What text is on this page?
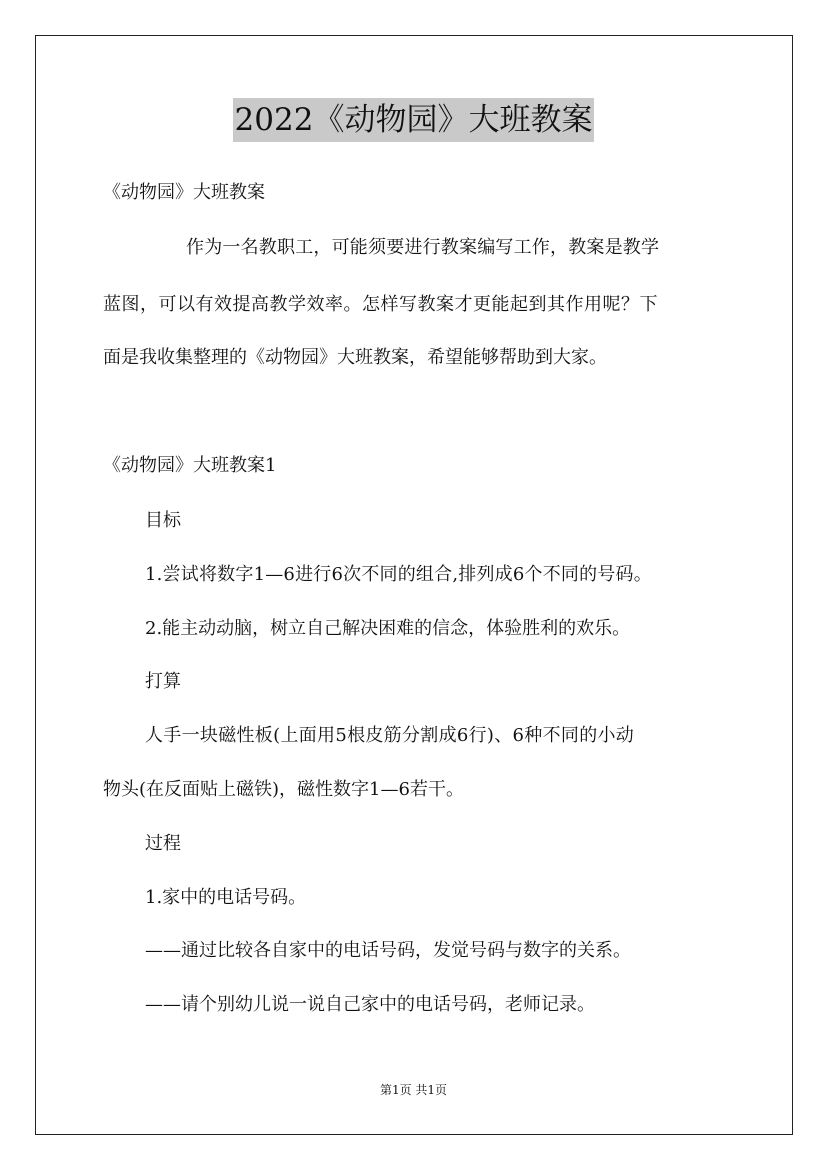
2022《动物园》大班教案
《动物园》大班教案
作为一名教职工，可能须要进行教案编写工作，教案是教学
蓝图，可以有效提高教学效率。怎样写教案才更能起到其作用呢？下
面是我收集整理的《动物园》大班教案，希望能够帮助到大家。
《动物园》大班教案1
目标
1.尝试将数字1—6进行6次不同的组合,排列成6个不同的号码。
2.能主动动脑，树立自己解决困难的信念，体验胜利的欢乐。
打算
人手一块磁性板(上面用5根皮筋分割成6行)、6种不同的小动
物头(在反面贴上磁铁)，磁性数字1—6若干。
过程
1.家中的电话号码。
——通过比较各自家中的电话号码，发觉号码与数字的关系。
——请个别幼儿说一说自己家中的电话号码，老师记录。
第1页 共1页
